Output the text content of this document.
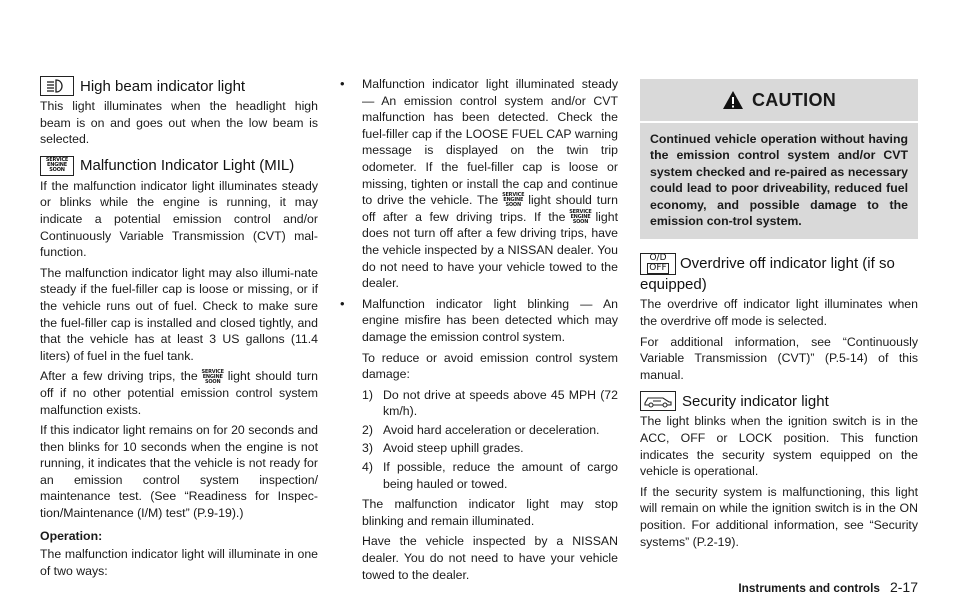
High beam indicator light

This light illuminates when the headlight high beam is on and goes out when the low beam is selected.

SERVICE
ENGINE
SOON Malfunction Indicator Light (MIL)

If the malfunction indicator light illuminates steady or blinks while the engine is running, it may indicate a potential emission control and/or Continuously Variable Transmission (CVT) mal-function.

The malfunction indicator light may also illumi-nate steady if the fuel-filler cap is loose or missing, or if the vehicle runs out of fuel. Check to make sure the fuel-filler cap is installed and closed tightly, and that the vehicle has at least 3 US gallons (11.4 liters) of fuel in the fuel tank.

After a few driving trips, the SERVICE
ENGINE
SOON light should turn off if no other potential emission control system malfunction exists.

If this indicator light remains on for 20 seconds and then blinks for 10 seconds when the engine is not running, it indicates that the vehicle is not ready for an emission control system inspection/ maintenance test. (See “Readiness for Inspec-tion/Maintenance (I/M) test” (P.9-19).)

Operation:

The malfunction indicator light will illuminate in one of two ways:

• Malfunction indicator light illuminated steady — An emission control system and/or CVT malfunction has been detected. Check the fuel-filler cap if the LOOSE FUEL CAP warning message is displayed on the twin trip odometer. If the fuel-filler cap is loose or missing, tighten or install the cap and continue to drive the vehicle. The SERVICE
ENGINE
SOON light should turn off after a few driving trips. If the SERVICE
ENGINE
SOON light does not turn off after a few driving trips, have the vehicle inspected by a NISSAN dealer. You do not need to have your vehicle towed to the dealer.

• Malfunction indicator light blinking — An engine misfire has been detected which may damage the emission control system.

To reduce or avoid emission control system damage:

1) Do not drive at speeds above 45 MPH (72 km/h).
2) Avoid hard acceleration or deceleration.
3) Avoid steep uphill grades.
4) If possible, reduce the amount of cargo being hauled or towed.

The malfunction indicator light may stop blinking and remain illuminated.

Have the vehicle inspected by a NISSAN dealer. You do not need to have your vehicle towed to the dealer.

CAUTION
Continued vehicle operation without having the emission control system and/or CVT system checked and re-paired as necessary could lead to poor driveability, reduced fuel economy, and possible damage to the emission con-trol system.
O/D
OFF Overdrive off indicator light (if so equipped)

The overdrive off indicator light illuminates when the overdrive off mode is selected.

For additional information, see “Continuously Variable Transmission (CVT)” (P.5-14) of this manual.

Security indicator light

The light blinks when the ignition switch is in the ACC, OFF or LOCK position. This function indicates the security system equipped on the vehicle is operational.

If the security system is malfunctioning, this light will remain on while the ignition switch is in the ON position. For additional information, see “Security systems” (P.2-19).

Instruments and controls 2-17
